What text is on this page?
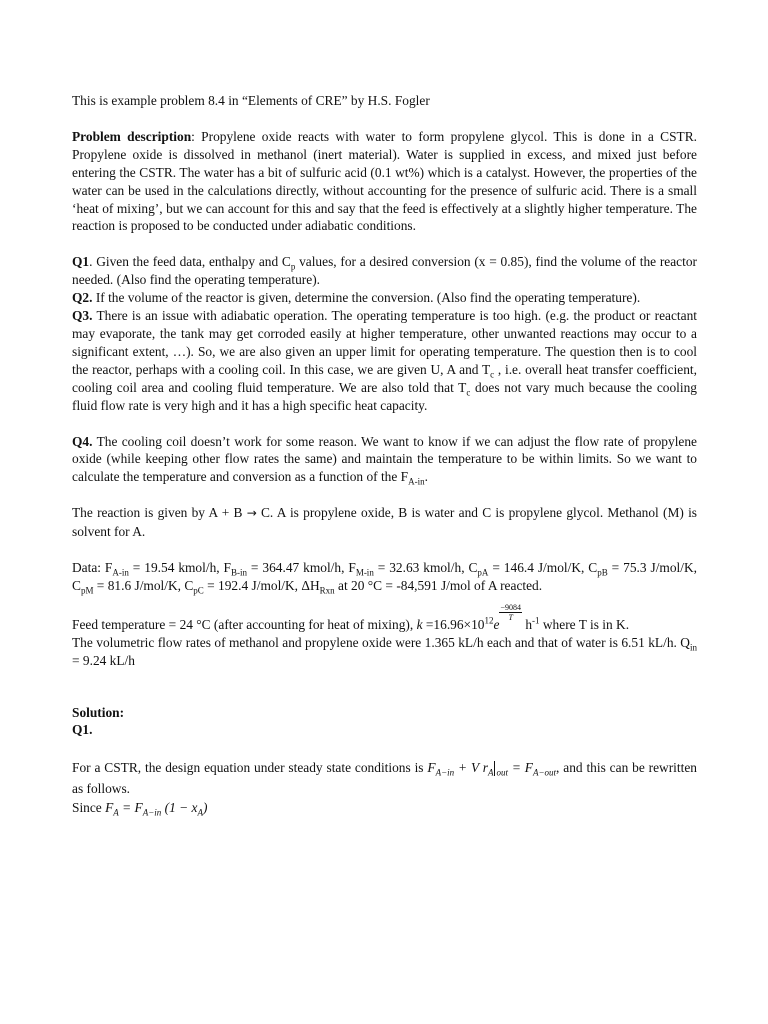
This is example problem 8.4 in “Elements of CRE” by H.S. Fogler

Problem description: Propylene oxide reacts with water to form propylene glycol. This is done in a CSTR. Propylene oxide is dissolved in methanol (inert material). Water is supplied in excess, and mixed just before entering the CSTR. The water has a bit of sulfuric acid (0.1 wt%) which is a catalyst. However, the properties of the water can be used in the calculations directly, without accounting for the presence of sulfuric acid. There is a small ‘heat of mixing’, but we can account for this and say that the feed is effectively at a slightly higher temperature. The reaction is proposed to be conducted under adiabatic conditions.

Q1. Given the feed data, enthalpy and $C_p$ values, for a desired conversion (x = 0.85), find the volume of the reactor needed. (Also find the operating temperature).

Q2. If the volume of the reactor is given, determine the conversion. (Also find the operating temperature).

Q3. There is an issue with adiabatic operation. The operating temperature is too high. (e.g. the product or reactant may evaporate, the tank may get corroded easily at higher temperature, other unwanted reactions may occur to a significant extent, …). So, we are also given an upper limit for operating temperature. The question then is to cool the reactor, perhaps with a cooling coil. In this case, we are given U, A and $T_c$ , i.e. overall heat transfer coefficient, cooling coil area and cooling fluid temperature. We are also told that $T_c$ does not vary much because the cooling fluid flow rate is very high and it has a high specific heat capacity.

Q4. The cooling coil doesn’t work for some reason. We want to know if we can adjust the flow rate of propylene oxide (while keeping other flow rates the same) and maintain the temperature to be within limits. So we want to calculate the temperature and conversion as a function of the $F_{A-in}$.

The reaction is given by A + B → C. A is propylene oxide, B is water and C is propylene glycol. Methanol (M) is solvent for A.

Data: $F_{A-in} = 19.54$ kmol/h, $F_{B-in} = 364.47$ kmol/h, $F_{M-in} = 32.63$ kmol/h, $C_{pA} = 146.4$ J/mol/K, $C_{pB} = 75.3$ J/mol/K, $C_{pM} = 81.6$ J/mol/K, $C_{pC} = 192.4$ J/mol/K, $\Delta H_{Rxn}$ at 20 °C = -84,591 J/mol of A reacted.

Feed temperature = 24 °C (after accounting for heat of mixing), $k =16.96\times 10^{12}e$
$\frac{-9084}{T}$
$h^{-1}$ where T is in K.

The volumetric flow rates of methanol and propylene oxide were 1.365 kL/h each and that of water is 6.51 kL/h. $Q_{in} = 9.24$ kL/h

Solution:

Q1.

For a CSTR, the design equation under steady state conditions is $F_{A-in} + V$ $r_A$ $_{out} = F_{A-out}$, and this can be rewritten as follows.

Since $F_A = F_{A-in}$ $(1 - x_A)$
